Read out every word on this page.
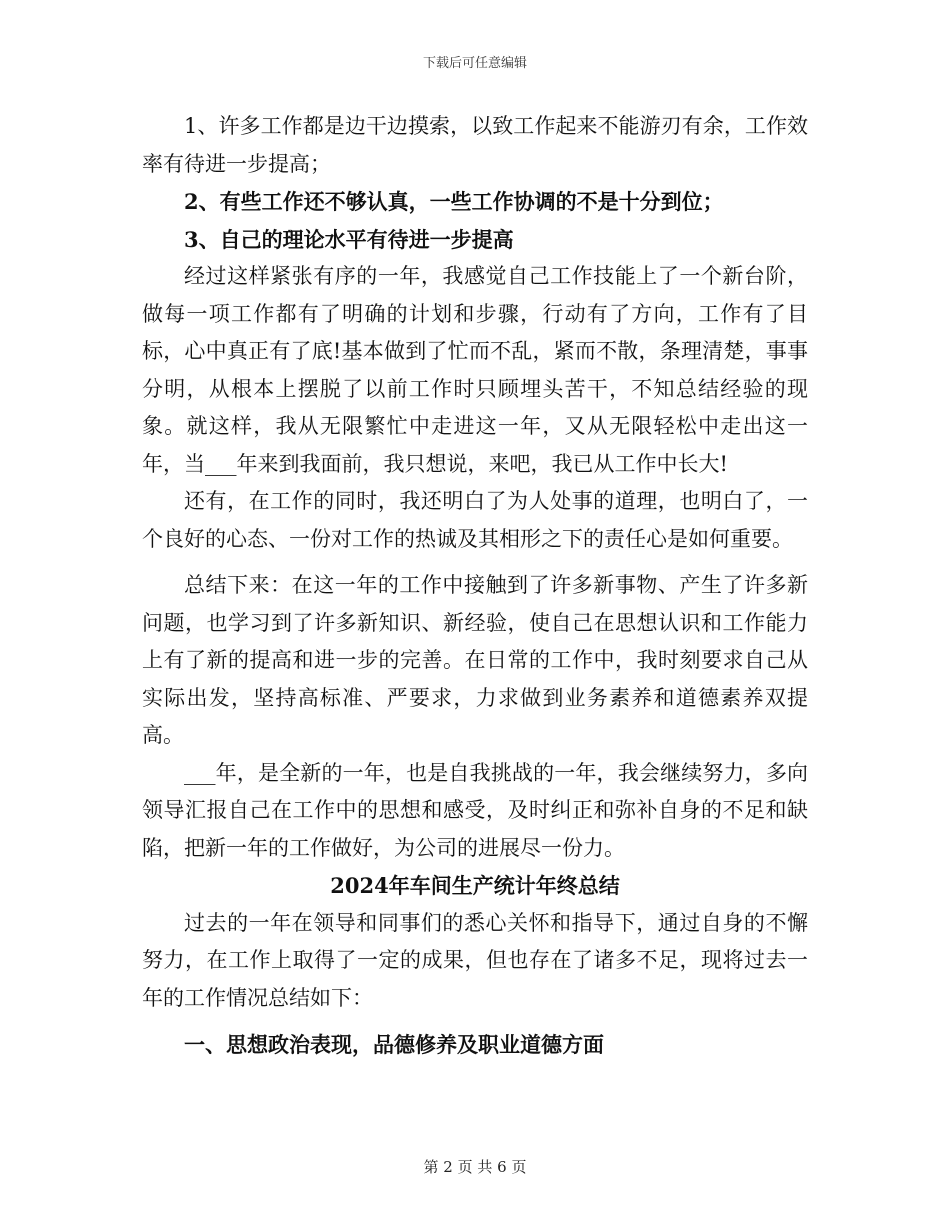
下载后可任意编辑

1、许多工作都是边干边摸索，以致工作起来不能游刃有余，工作效率有待进一步提高；

2、有些工作还不够认真，一些工作协调的不是十分到位；

3、自己的理论水平有待进一步提高

经过这样紧张有序的一年，我感觉自己工作技能上了一个新台阶，做每一项工作都有了明确的计划和步骤，行动有了方向，工作有了目标，心中真正有了底!基本做到了忙而不乱，紧而不散，条理清楚，事事分明，从根本上摆脱了以前工作时只顾埋头苦干，不知总结经验的现象。就这样，我从无限繁忙中走进这一年，又从无限轻松中走出这一年，当___年来到我面前，我只想说，来吧，我已从工作中长大!

还有，在工作的同时，我还明白了为人处事的道理，也明白了，一个良好的心态、一份对工作的热诚及其相形之下的责任心是如何重要。

总结下来：在这一年的工作中接触到了许多新事物、产生了许多新问题，也学习到了许多新知识、新经验，使自己在思想认识和工作能力上有了新的提高和进一步的完善。在日常的工作中，我时刻要求自己从实际出发，坚持高标准、严要求，力求做到业务素养和道德素养双提高。

___年，是全新的一年，也是自我挑战的一年，我会继续努力，多向领导汇报自己在工作中的思想和感受，及时纠正和弥补自身的不足和缺陷，把新一年的工作做好，为公司的进展尽一份力。

2024年车间生产统计年终总结

过去的一年在领导和同事们的悉心关怀和指导下，通过自身的不懈努力，在工作上取得了一定的成果，但也存在了诸多不足，现将过去一年的工作情况总结如下：

一、思想政治表现，品德修养及职业道德方面

第 2 页 共 6 页
